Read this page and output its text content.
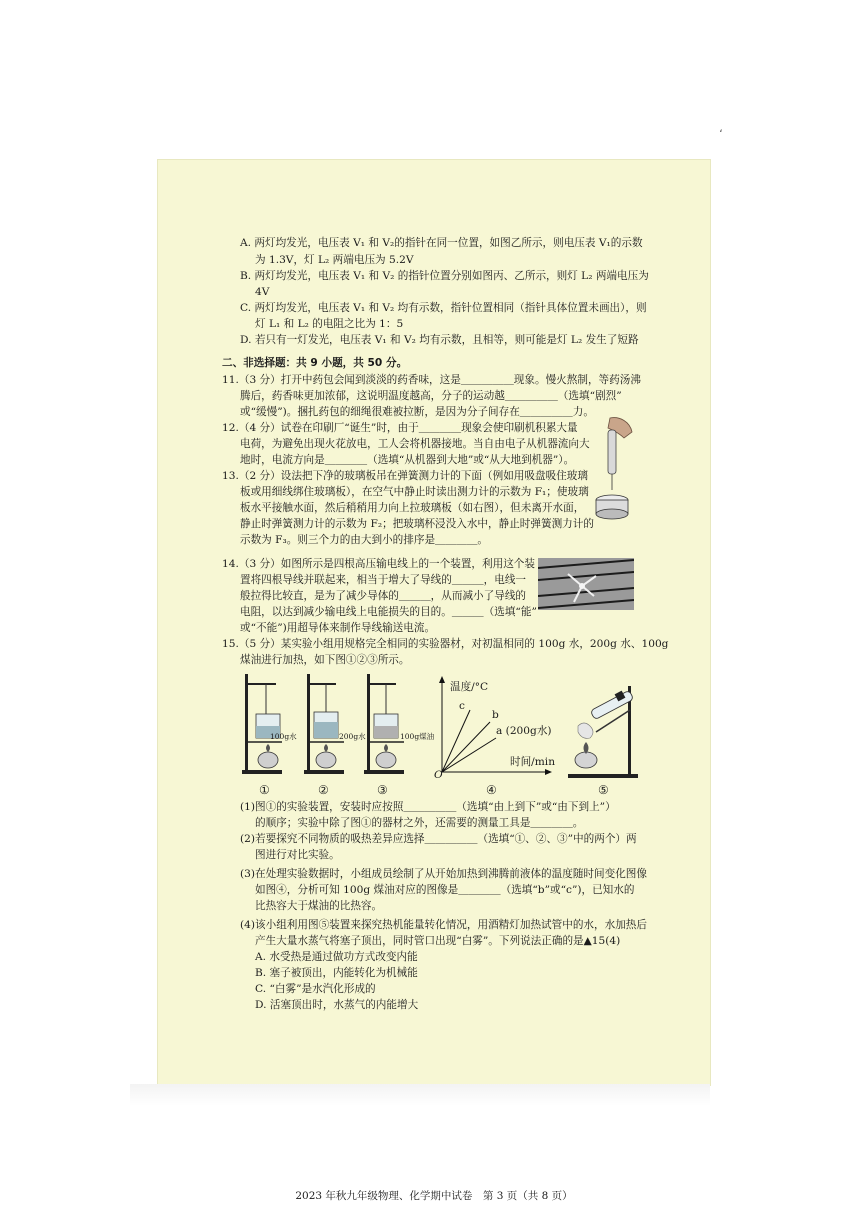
،
2023 年秋九年级物理、化学期中试卷　第 3 页（共 8 页）
A. 两灯均发光，电压表 V₁ 和 V₂的指针在同一位置，如图乙所示，则电压表 V₁的示数
为 1.3V，灯 L₂ 两端电压为 5.2V
B. 两灯均发光，电压表 V₁ 和 V₂ 的指针位置分别如图丙、乙所示，则灯 L₂ 两端电压为
4V
C. 两灯均发光，电压表 V₁ 和 V₂ 均有示数，指针位置相同（指针具体位置未画出），则
灯 L₁ 和 L₂ 的电阻之比为 1：5
D. 若只有一灯发光，电压表 V₁ 和 V₂ 均有示数，且相等，则可能是灯 L₂ 发生了短路
二、非选择题：共 9 小题，共 50 分。
11.（3 分）打开中药包会闻到淡淡的药香味，这是＿＿＿＿＿现象。慢火熬制，等药汤沸
腾后，药香味更加浓郁，这说明温度越高，分子的运动越＿＿＿＿＿（选填“剧烈”
或“缓慢”)。捆扎药包的细绳很难被拉断，是因为分子间存在＿＿＿＿＿力。
12.（4 分）试卷在印刷厂“诞生”时，由于＿＿＿＿现象会使印刷机积累大量
电荷，为避免出现火花放电，工人会将机器接地。当自由电子从机器流向大
地时，电流方向是＿＿＿＿（选填“从机器到大地”或“从大地到机器”）。
13.（2 分）设法把下净的玻璃板吊在弹簧测力计的下面（例如用吸盘吸住玻璃
板或用细线绑住玻璃板），在空气中静止时读出测力计的示数为 F₁；使玻璃
板水平接触水面，然后稍稍用力向上拉玻璃板（如右图），但未离开水面，
静止时弹簧测力计的示数为 F₂；把玻璃杯浸没入水中，静止时弹簧测力计的
示数为 F₃。则三个力的由大到小的排序是＿＿＿＿。
14.（3 分）如图所示是四根高压输电线上的一个装置，利用这个装
置将四根导线并联起来，相当于增大了导线的＿＿＿，电线一
般拉得比较直，是为了减少导体的＿＿＿，从而减小了导线的
电阻，以达到减少输电线上电能损失的目的。＿＿＿（选填“能”
或“不能”)用超导体来制作导线输送电流。
15.（5 分）某实验小组用规格完全相同的实验器材，对初温相同的 100g 水，200g 水、100g
煤油进行加热，如下图①②③所示。
(1)图①的实验装置，安装时应按照＿＿＿＿＿（选填“由上到下”或“由下到上”）
的顺序；实验中除了图①的器材之外，还需要的测量工具是＿＿＿＿。
(2)若要探究不同物质的吸热差异应选择＿＿＿＿＿（选填“①、②、③”中的两个）两
图进行对比实验。
(3)在处理实验数据时，小组成员绘制了从开始加热到沸腾前液体的温度随时间变化图像
如图④，分析可知 100g 煤油对应的图像是＿＿＿＿（选填“b”或“c”)，已知水的
比热容大于煤油的比热容。
(4)该小组利用图⑤装置来探究热机能量转化情况，用酒精灯加热试管中的水，水加热后
产生大量水蒸气将塞子顶出，同时管口出现“白雾”。下列说法正确的是▲15(4)
A. 水受热是通过做功方式改变内能
B. 塞子被顶出，内能转化为机械能
C. “白雾”是水汽化形成的
D. 活塞顶出时，水蒸气的内能增大
100g水	200g水	100g煤油
①	②	③
温度/°C
时间/min
O
c
b
a (200g水)
④	⑤
